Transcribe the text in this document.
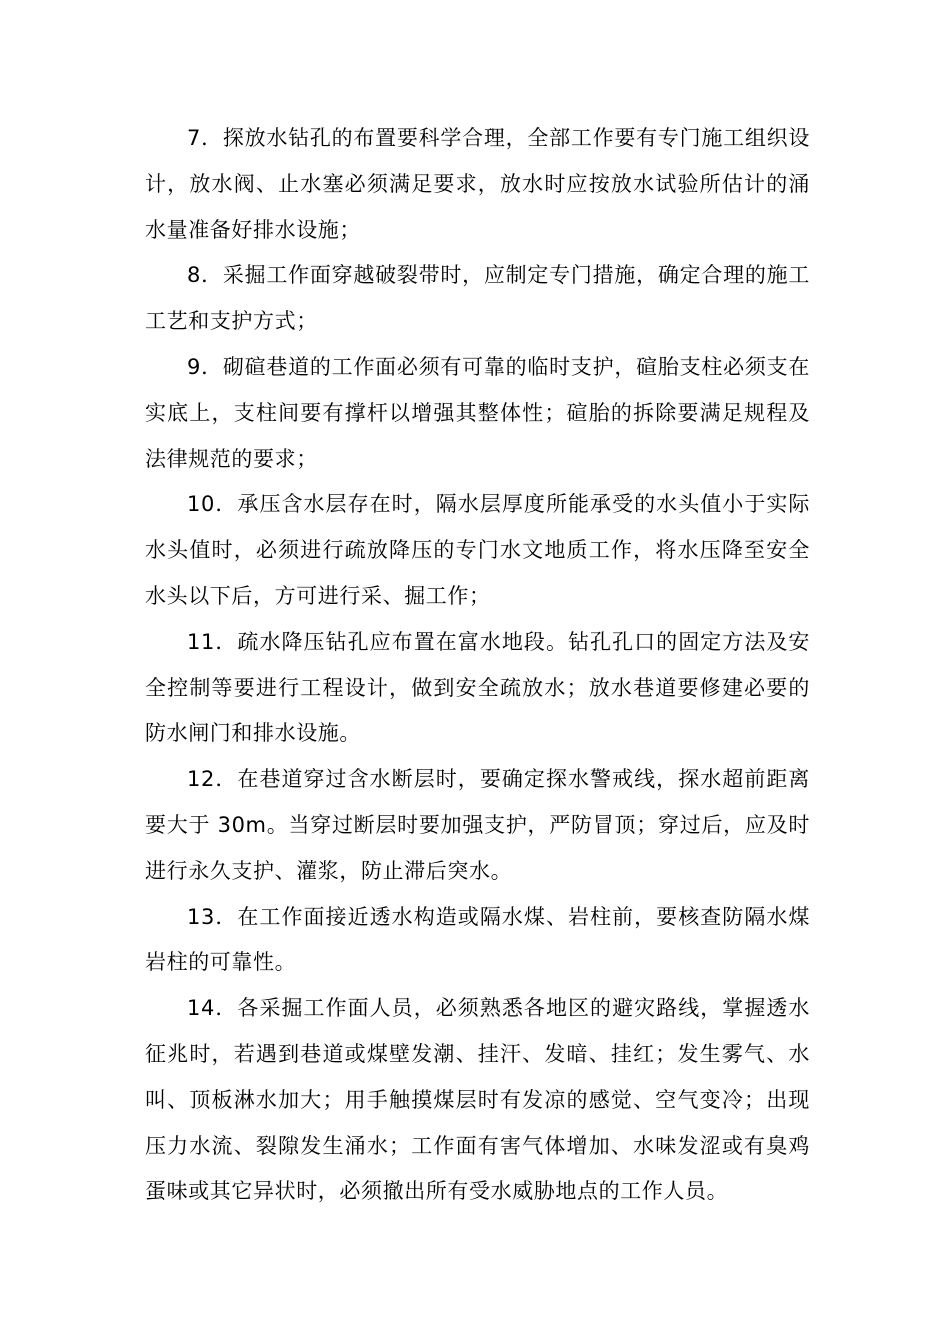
7．探放水钻孔的布置要科学合理，全部工作要有专门施工组织设计，放水阀、止水塞必须满足要求，放水时应按放水试验所估计的涌水量准备好排水设施；

8．采掘工作面穿越破裂带时，应制定专门措施，确定合理的施工工艺和支护方式；

9．砌碹巷道的工作面必须有可靠的临时支护，碹胎支柱必须支在实底上，支柱间要有撑杆以增强其整体性；碹胎的拆除要满足规程及法律规范的要求；

10．承压含水层存在时，隔水层厚度所能承受的水头值小于实际水头值时，必须进行疏放降压的专门水文地质工作，将水压降至安全水头以下后，方可进行采、掘工作；

11．疏水降压钻孔应布置在富水地段。钻孔孔口的固定方法及安全控制等要进行工程设计，做到安全疏放水；放水巷道要修建必要的防水闸门和排水设施。

12．在巷道穿过含水断层时，要确定探水警戒线，探水超前距离要大于 30m。当穿过断层时要加强支护，严防冒顶；穿过后，应及时进行永久支护、灌浆，防止滞后突水。

13．在工作面接近透水构造或隔水煤、岩柱前，要核查防隔水煤岩柱的可靠性。

14．各采掘工作面人员，必须熟悉各地区的避灾路线，掌握透水征兆时，若遇到巷道或煤壁发潮、挂汗、发暗、挂红；发生雾气、水叫、顶板淋水加大；用手触摸煤层时有发凉的感觉、空气变冷；出现压力水流、裂隙发生涌水；工作面有害气体增加、水味发涩或有臭鸡蛋味或其它异状时，必须撤出所有受水威胁地点的工作人员。
